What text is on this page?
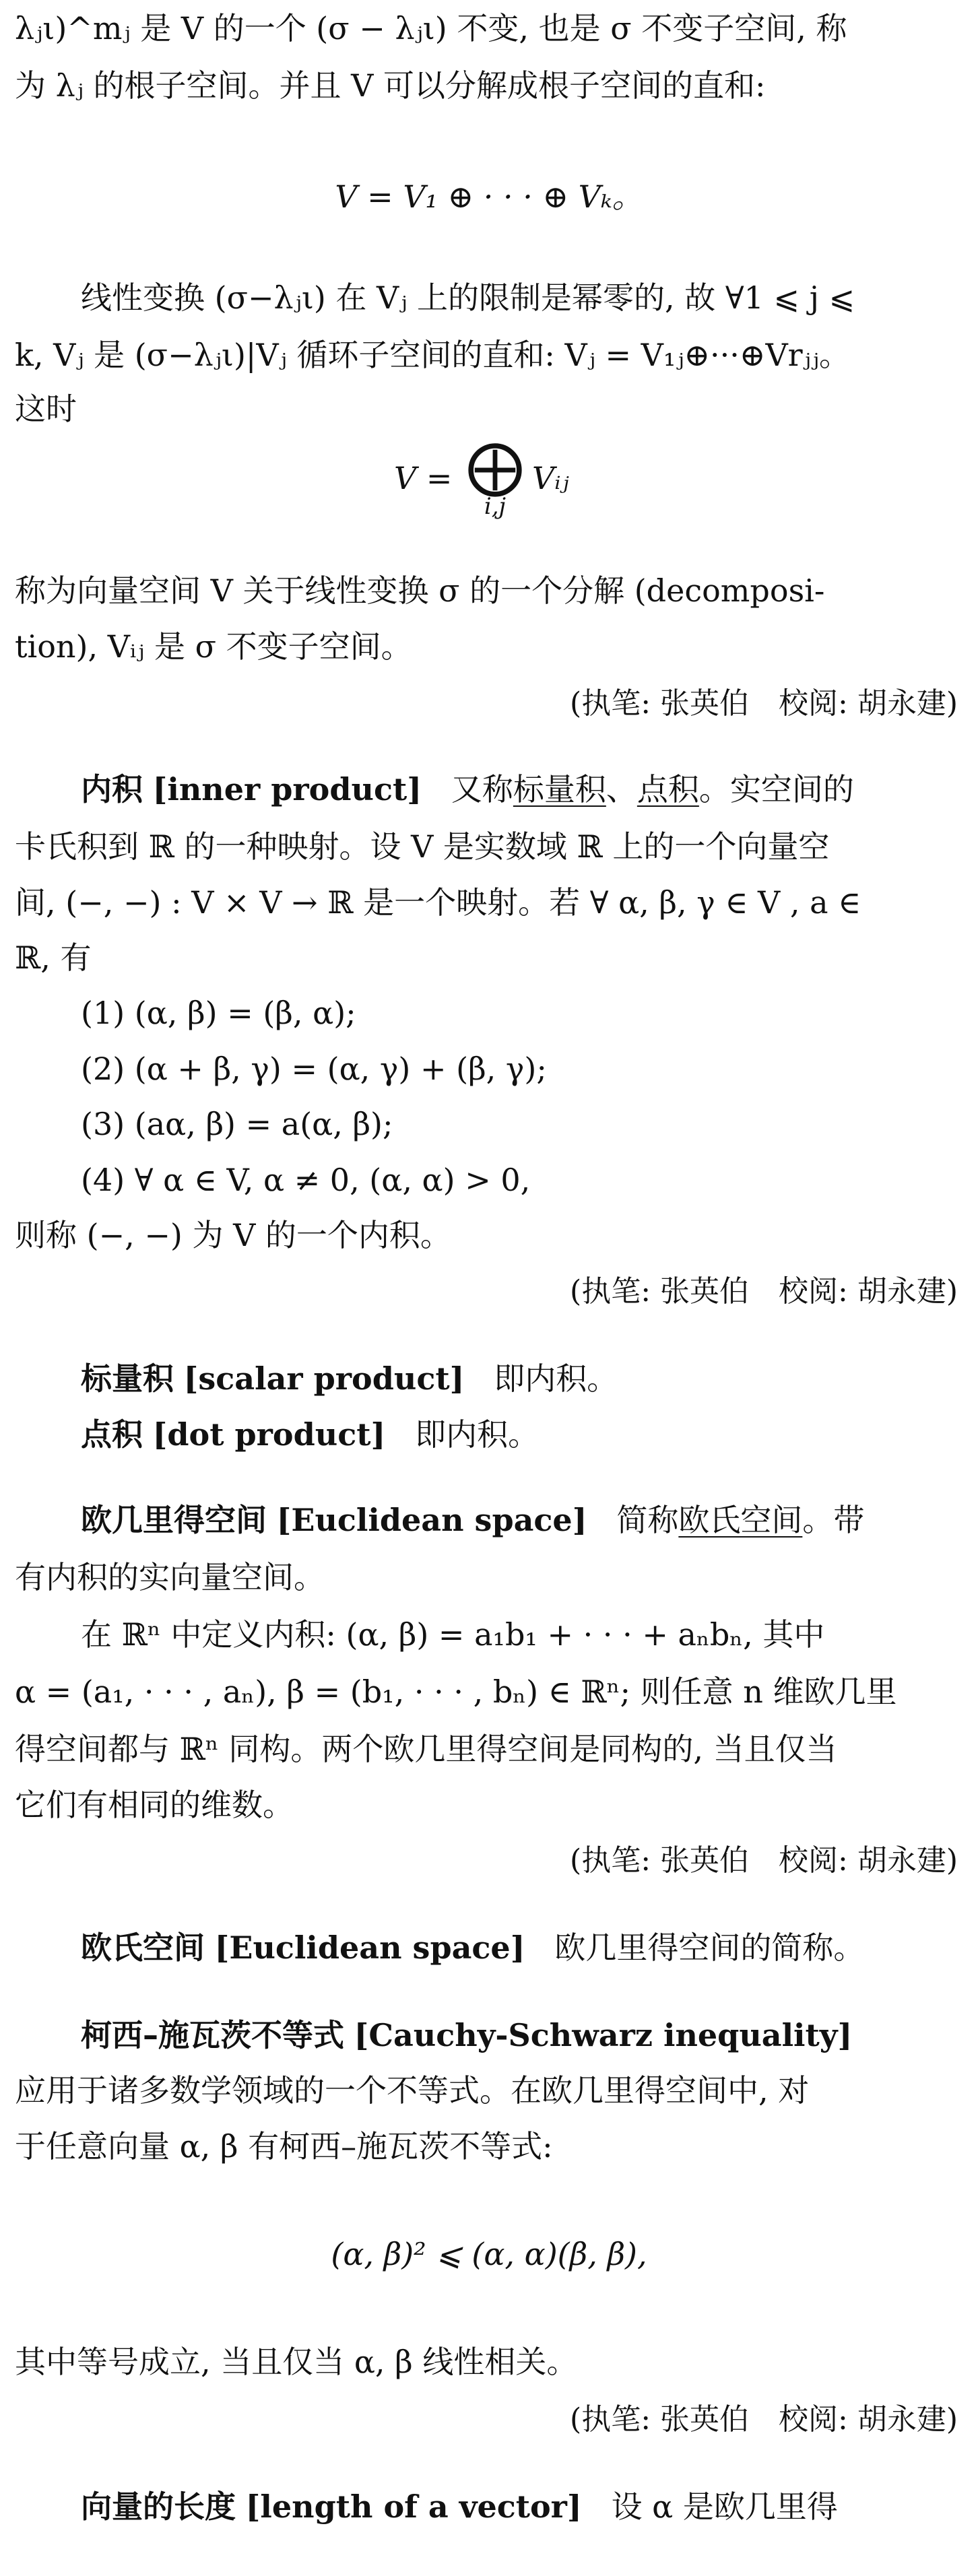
λⱼι)^mⱼ 是 V 的一个 (σ − λⱼι) 不变, 也是 σ 不变子空间, 称
为 λⱼ 的根子空间。并且 V 可以分解成根子空间的直和:
V = V₁ ⊕ · · · ⊕ Vₖ。
线性变换 (σ−λⱼι) 在 Vⱼ 上的限制是幂零的, 故 ∀1 ⩽ j ⩽
k, Vⱼ 是 (σ−λⱼι)|Vⱼ 循环子空间的直和: Vⱼ = V₁ⱼ⊕···⊕Vrⱼⱼ。
这时
V = ⨁
i,j
Vᵢⱼ
称为向量空间 V 关于线性变换 σ 的一个分解 (decomposi-
tion), Vᵢⱼ 是 σ 不变子空间。
(执笔: 张英伯　校阅: 胡永建)
内积 [inner product] 又称标量积、点积。实空间的
卡氏积到 ℝ 的一种映射。设 V 是实数域 ℝ 上的一个向量空
间, (−, −) : V × V → ℝ 是一个映射。若 ∀ α, β, γ ∈ V , a ∈
ℝ, 有
(1) (α, β) = (β, α);
(2) (α + β, γ) = (α, γ) + (β, γ);
(3) (aα, β) = a(α, β);
(4) ∀ α ∈ V, α ≠ 0, (α, α) > 0,
则称 (−, −) 为 V 的一个内积。
(执笔: 张英伯　校阅: 胡永建)
标量积 [scalar product] 即内积。
点积 [dot product] 即内积。
欧几里得空间 [Euclidean space] 简称欧氏空间。带
有内积的实向量空间。
在 ℝⁿ 中定义内积: (α, β) = a₁b₁ + · · · + aₙbₙ, 其中
α = (a₁, · · · , aₙ), β = (b₁, · · · , bₙ) ∈ ℝⁿ; 则任意 n 维欧几里
得空间都与 ℝⁿ 同构。两个欧几里得空间是同构的, 当且仅当
它们有相同的维数。
(执笔: 张英伯　校阅: 胡永建)
欧氏空间 [Euclidean space] 欧几里得空间的简称。
柯西–施瓦茨不等式 [Cauchy-Schwarz inequality]
应用于诸多数学领域的一个不等式。在欧几里得空间中, 对
于任意向量 α, β 有柯西–施瓦茨不等式:
(α, β)² ⩽ (α, α)(β, β),
其中等号成立, 当且仅当 α, β 线性相关。
(执笔: 张英伯　校阅: 胡永建)
向量的长度 [length of a vector] 设 α 是欧几里得
